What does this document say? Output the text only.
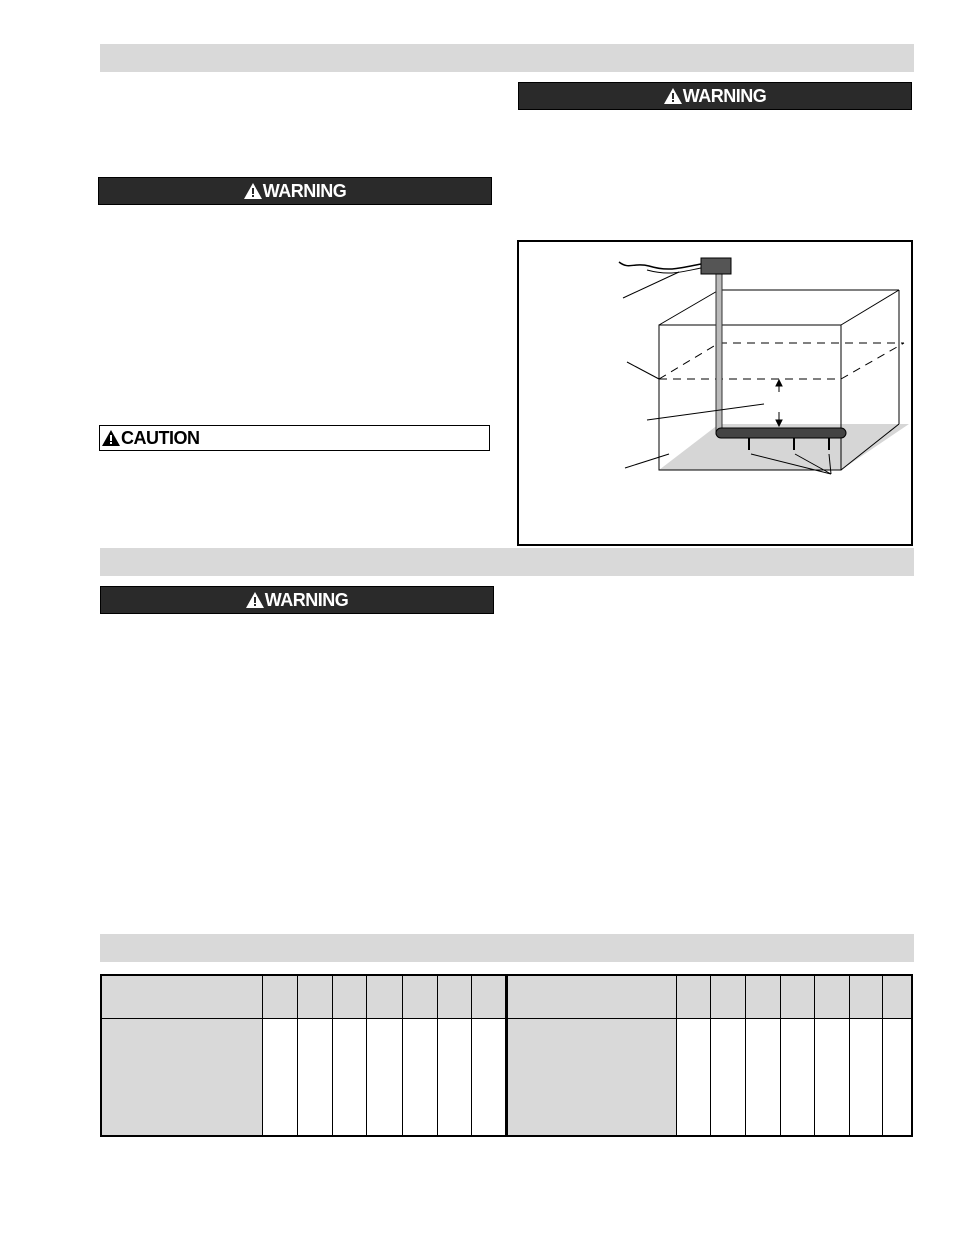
WARNING
WARNING
CAUTION
WARNING
